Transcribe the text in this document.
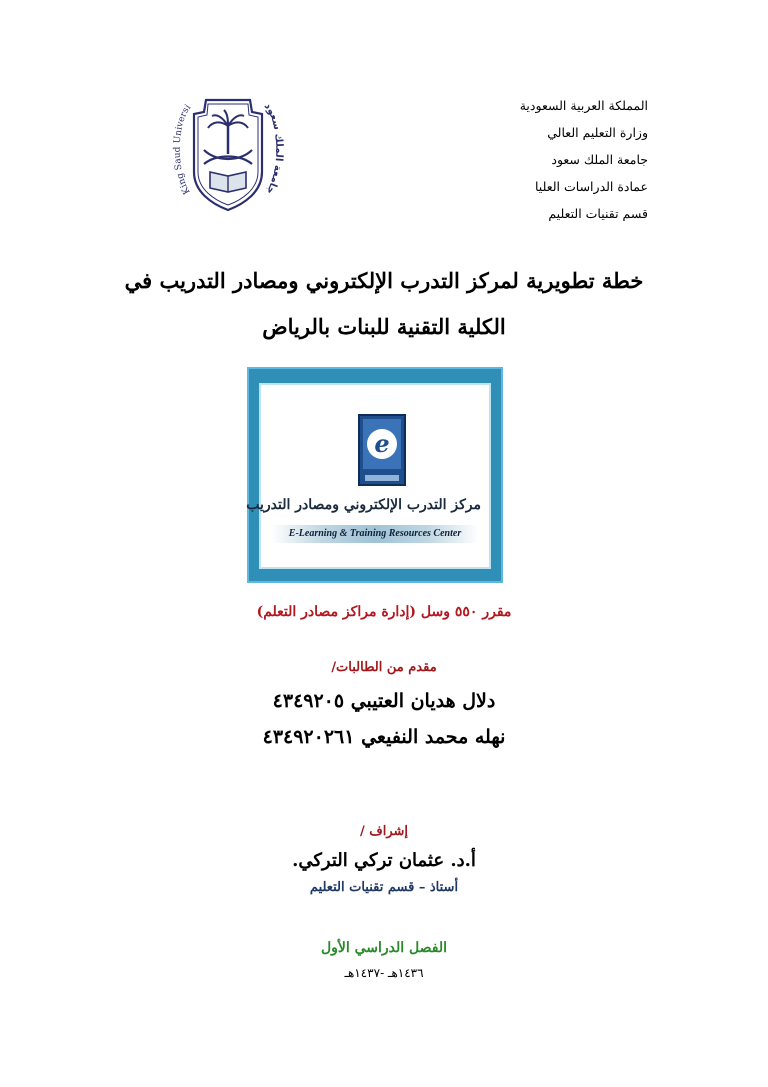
المملكة العربية السعودية
وزارة التعليم العالي
جامعة الملك سعود
عمادة الدراسات العليا
قسم تقنيات التعليم
King Saud Universi	جامعة الملك سعود
خطة تطويرية لمركز التدرب الإلكتروني ومصادر التدريب في
الكلية التقنية للبنات بالرياض
e
مركز التدرب الإلكتروني ومصادر التدريب
E-Learning & Training Resources Center
مقرر ٥٥٠ وسل (إدارة مراكز مصادر التعلم)
مقدم من الطالبات/
دلال هديان العتيبي ٤٣٤٩٢٠٥
نهله محمد النفيعي ٤٣٤٩٢٠٢٦١
إشراف /
أ.د. عثمان تركي التركي.
أستاذ – قسم تقنيات التعليم
الفصل الدراسي الأول
١٤٣٦هـ -١٤٣٧هـ
